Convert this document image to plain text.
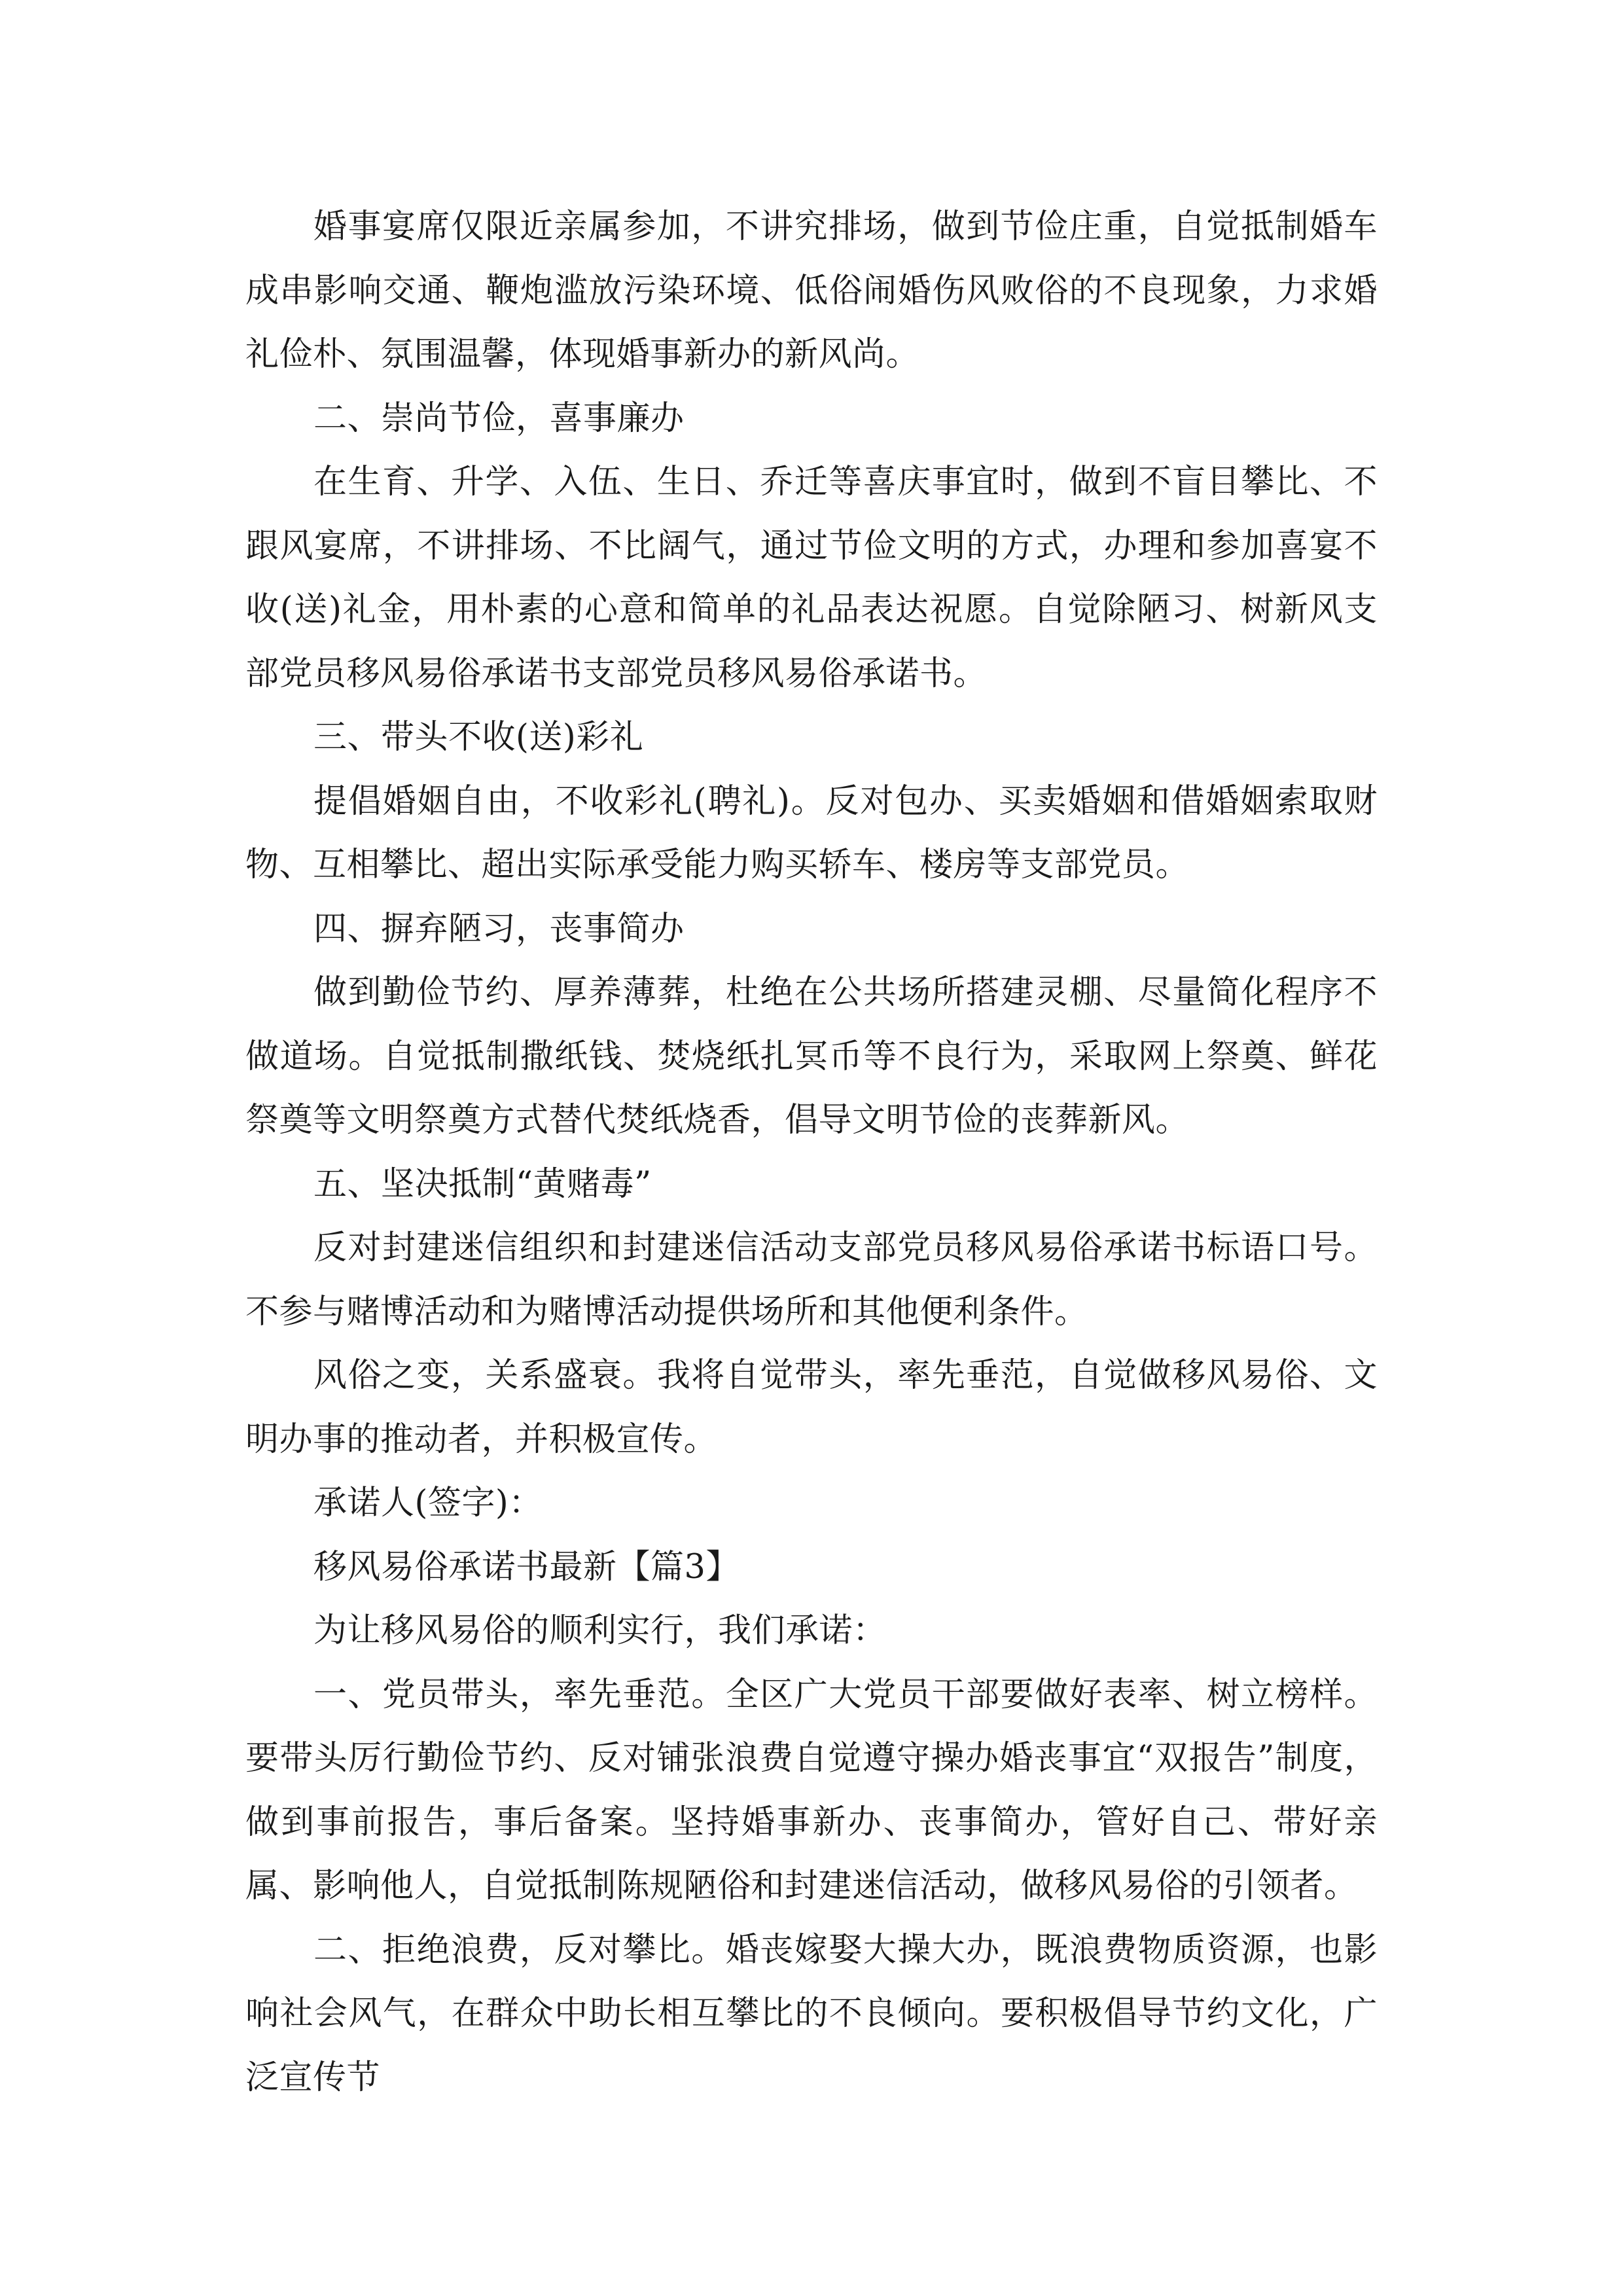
婚事宴席仅限近亲属参加，不讲究排场，做到节俭庄重，自觉抵制婚车成串影响交通、鞭炮滥放污染环境、低俗闹婚伤风败俗的不良现象，力求婚礼俭朴、氛围温馨，体现婚事新办的新风尚。

二、崇尚节俭，喜事廉办

在生育、升学、入伍、生日、乔迁等喜庆事宜时，做到不盲目攀比、不跟风宴席，不讲排场、不比阔气，通过节俭文明的方式，办理和参加喜宴不收(送)礼金，用朴素的心意和简单的礼品表达祝愿。自觉除陋习、树新风支部党员移风易俗承诺书支部党员移风易俗承诺书。

三、带头不收(送)彩礼

提倡婚姻自由，不收彩礼(聘礼)。反对包办、买卖婚姻和借婚姻索取财物、互相攀比、超出实际承受能力购买轿车、楼房等支部党员。

四、摒弃陋习，丧事简办

做到勤俭节约、厚养薄葬，杜绝在公共场所搭建灵棚、尽量简化程序不做道场。自觉抵制撒纸钱、焚烧纸扎冥币等不良行为，采取网上祭奠、鲜花祭奠等文明祭奠方式替代焚纸烧香，倡导文明节俭的丧葬新风。

五、坚决抵制“黄赌毒”

反对封建迷信组织和封建迷信活动支部党员移风易俗承诺书标语口号。不参与赌博活动和为赌博活动提供场所和其他便利条件。

风俗之变，关系盛衰。我将自觉带头，率先垂范，自觉做移风易俗、文明办事的推动者，并积极宣传。

承诺人(签字)：

移风易俗承诺书最新【篇3】

为让移风易俗的顺利实行，我们承诺：

一、党员带头，率先垂范。全区广大党员干部要做好表率、树立榜样。要带头厉行勤俭节约、反对铺张浪费自觉遵守操办婚丧事宜“双报告”制度，做到事前报告，事后备案。坚持婚事新办、丧事简办，管好自己、带好亲属、影响他人，自觉抵制陈规陋俗和封建迷信活动，做移风易俗的引领者。

二、拒绝浪费，反对攀比。婚丧嫁娶大操大办，既浪费物质资源，也影响社会风气，在群众中助长相互攀比的不良倾向。要积极倡导节约文化，广泛宣传节
